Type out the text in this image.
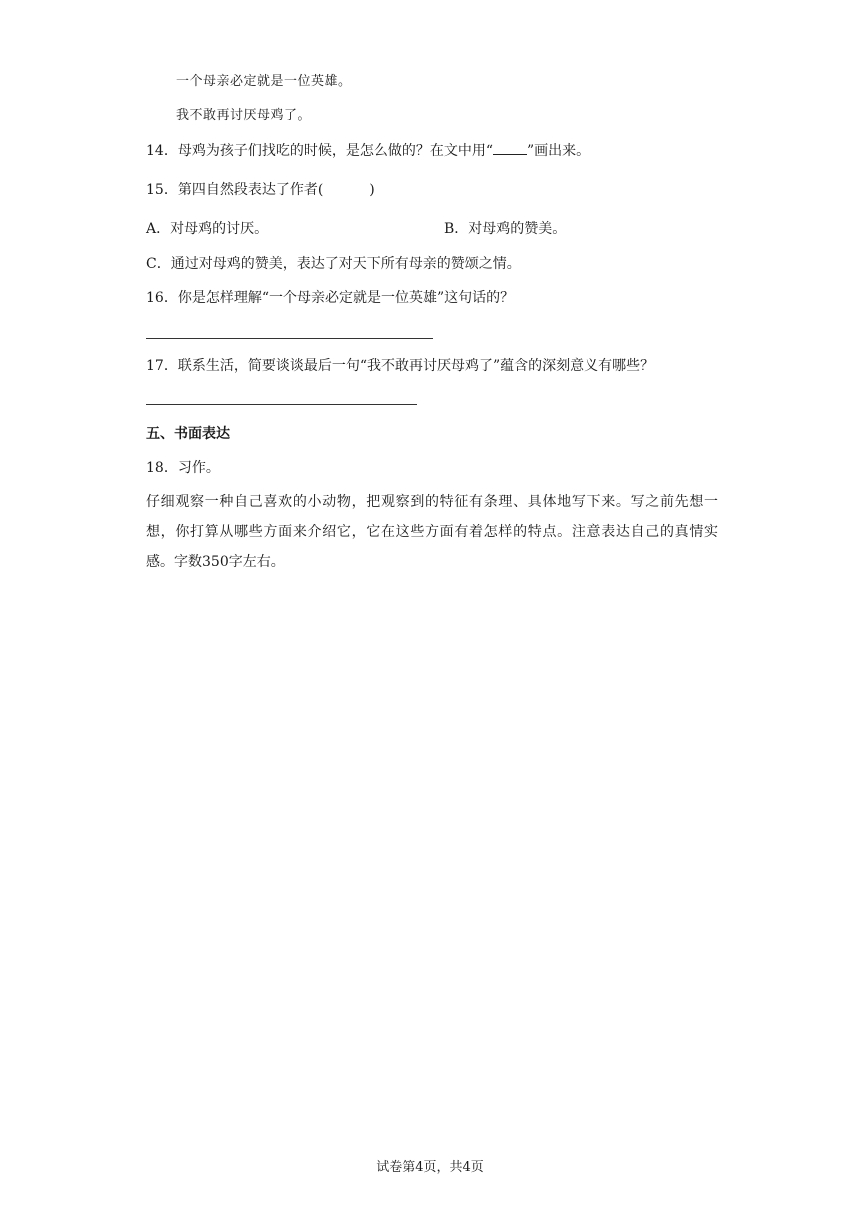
一个母亲必定就是一位英雄。
我不敢再讨厌母鸡了。
14．母鸡为孩子们找吃的时候，是怎么做的？在文中用“ ”画出来。
15．第四自然段表达了作者(	)
A．对母鸡的讨厌。	B．对母鸡的赞美。
C．通过对母鸡的赞美，表达了对天下所有母亲的赞颂之情。
16．你是怎样理解“一个母亲必定就是一位英雄”这句话的？
17．联系生活，简要谈谈最后一句“我不敢再讨厌母鸡了”蕴含的深刻意义有哪些？
五、书面表达
18．习作。
仔细观察一种自己喜欢的小动物，把观察到的特征有条理、具体地写下来。写之前先想一想，你打算从哪些方面来介绍它，它在这些方面有着怎样的特点。注意表达自己的真情实感。字数350字左右。
试卷第4页，共4页
